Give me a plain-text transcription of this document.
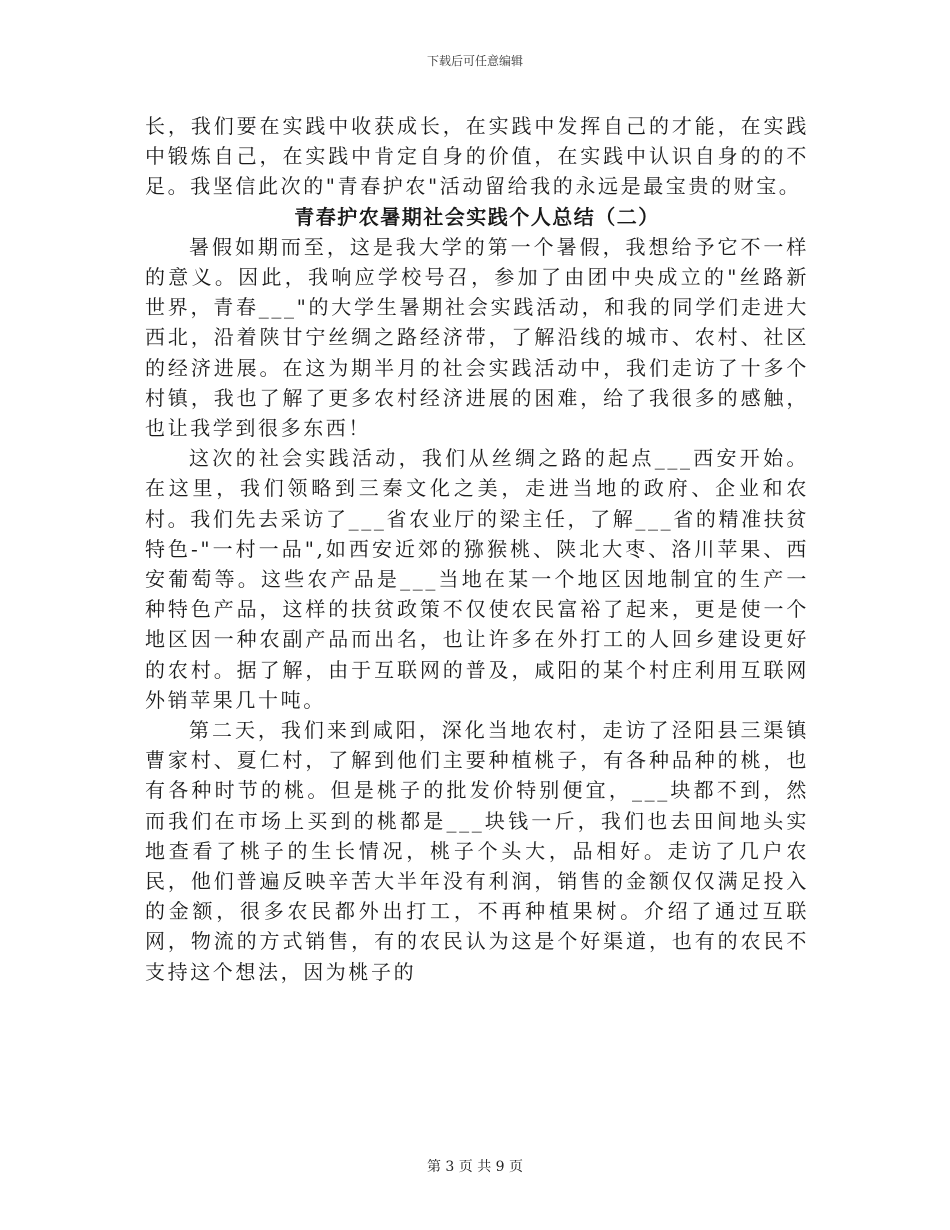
下载后可任意编辑

长，我们要在实践中收获成长，在实践中发挥自己的才能，在实践中锻炼自己，在实践中肯定自身的价值，在实践中认识自身的的不足。我坚信此次的"青春护农"活动留给我的永远是最宝贵的财宝。

青春护农暑期社会实践个人总结（二）

暑假如期而至，这是我大学的第一个暑假，我想给予它不一样的意义。因此，我响应学校号召，参加了由团中央成立的"丝路新世界，青春___"的大学生暑期社会实践活动，和我的同学们走进大西北，沿着陕甘宁丝绸之路经济带，了解沿线的城市、农村、社区的经济进展。在这为期半月的社会实践活动中，我们走访了十多个村镇，我也了解了更多农村经济进展的困难，给了我很多的感触，也让我学到很多东西！

这次的社会实践活动，我们从丝绸之路的起点___西安开始。在这里，我们领略到三秦文化之美，走进当地的政府、企业和农村。我们先去采访了___省农业厅的梁主任，了解___省的精准扶贫特色-"一村一品",如西安近郊的猕猴桃、陕北大枣、洛川苹果、西安葡萄等。这些农产品是___当地在某一个地区因地制宜的生产一种特色产品，这样的扶贫政策不仅使农民富裕了起来，更是使一个地区因一种农副产品而出名，也让许多在外打工的人回乡建设更好的农村。据了解，由于互联网的普及，咸阳的某个村庄利用互联网外销苹果几十吨。

第二天，我们来到咸阳，深化当地农村，走访了泾阳县三渠镇曹家村、夏仁村，了解到他们主要种植桃子，有各种品种的桃，也有各种时节的桃。但是桃子的批发价特别便宜，___块都不到，然而我们在市场上买到的桃都是___块钱一斤，我们也去田间地头实地查看了桃子的生长情况，桃子个头大，品相好。走访了几户农民，他们普遍反映辛苦大半年没有利润，销售的金额仅仅满足投入的金额，很多农民都外出打工，不再种植果树。介绍了通过互联网，物流的方式销售，有的农民认为这是个好渠道，也有的农民不支持这个想法，因为桃子的

第 3 页 共 9 页
